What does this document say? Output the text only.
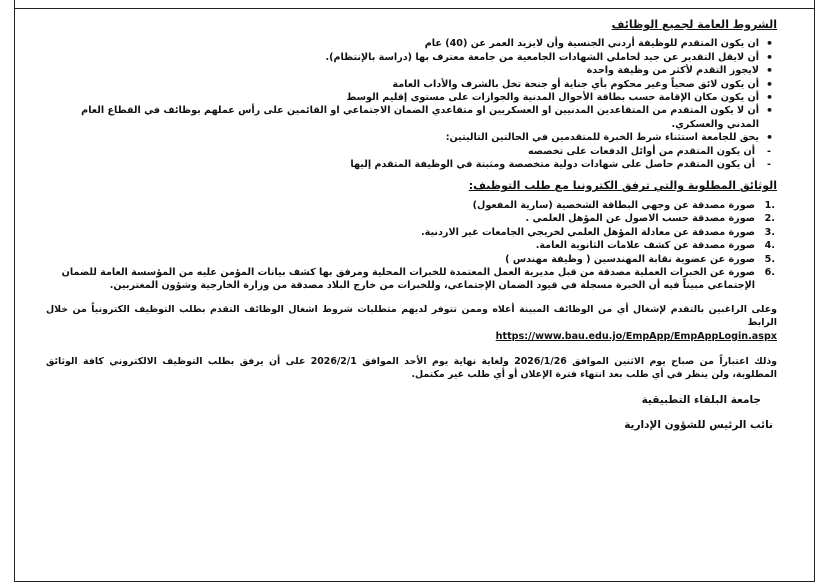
الشروط العامة لجميع الوظائف
• ان يكون المتقدم للوظيفة أردني الجنسية وأن لايزيد العمر عن (40) عام
• أن لايقل التقدير عن جيد لحاملي الشهادات الجامعية من جامعة معترف بها (دراسة بالإنتظام).
• لايجوز التقدم لأكثر من وظيفة واحدة
• أن يكون لائق صحياً وغير محكوم بأي جناية أو جنحة تخل بالشرف والأداب العامة
• أن يكون مكان الإقامة حسب بطاقة الأحوال المدنية والجوازات على مستوى إقليم الوسط
• أن لا يكون المتقدم من المتقاعدين المدنيين او العسكريين او متقاعدي الضمان الاجتماعي او القائمين على رأس عملهم بوظائف في القطاع العام المدني والعسكري.
• يحق للجامعة استثناء شرط الخبرة للمتقدمين في الحالتين التاليتين:
- أن يكون المتقدم من أوائل الدفعات على تخصصه
- أن يكون المتقدم حاصل على شهادات دولية متخصصة ومثبتة في الوظيفة المتقدم إليها
الوثائق المطلوبة والتي ترفق الكترونيا مع طلب التوظيف:
صورة مصدقة عن وجهي البطاقة الشخصية (سارية المفعول)
صورة مصدقة حسب الاصول عن المؤهل العلمي .
صورة مصدقة عن معادلة المؤهل العلمي لخريجي الجامعات غير الاردنية.
صورة مصدقة عن كشف علامات الثانوية العامة.
صورة عن عضوية نقابة المهندسين ( وظيفة مهندس )
صورة عن الخبرات العملية مصدقة من قبل مديرية العمل المعتمدة للخبرات المحلية ومرفق بها كشف بيانات المؤمن عليه من المؤسسة العامة للضمان الإجتماعي مبيناً فيه أن الخبرة مسجلة في قيود الضمان الإجتماعي، وللخبرات من خارج البلاد مصدقة من وزارة الخارجية وشؤون المغتربين.
وعلى الراغبين بالتقدم لإشغال أي من الوظائف المبينة أعلاه وممن تتوفر لديهم متطلبات شروط اشغال الوظائف التقدم بطلب التوظيف الكترونياً من خلال الرابط
https://www.bau.edu.jo/EmpApp/EmpAppLogin.aspx
وذلك اعتباراً من صباح يوم الاثنين الموافق 2026/1/26 ولغاية نهاية يوم الأحد الموافق 2026/2/1 على أن يرفق بطلب التوظيف الالكتروني كافة الوثائق المطلوبة، ولن ينظر في أي طلب بعد انتهاء فترة الإعلان أو أي طلب غير مكتمل.
جامعة البلقاء التطبيقية
نائب الرئيس للشؤون الإدارية
